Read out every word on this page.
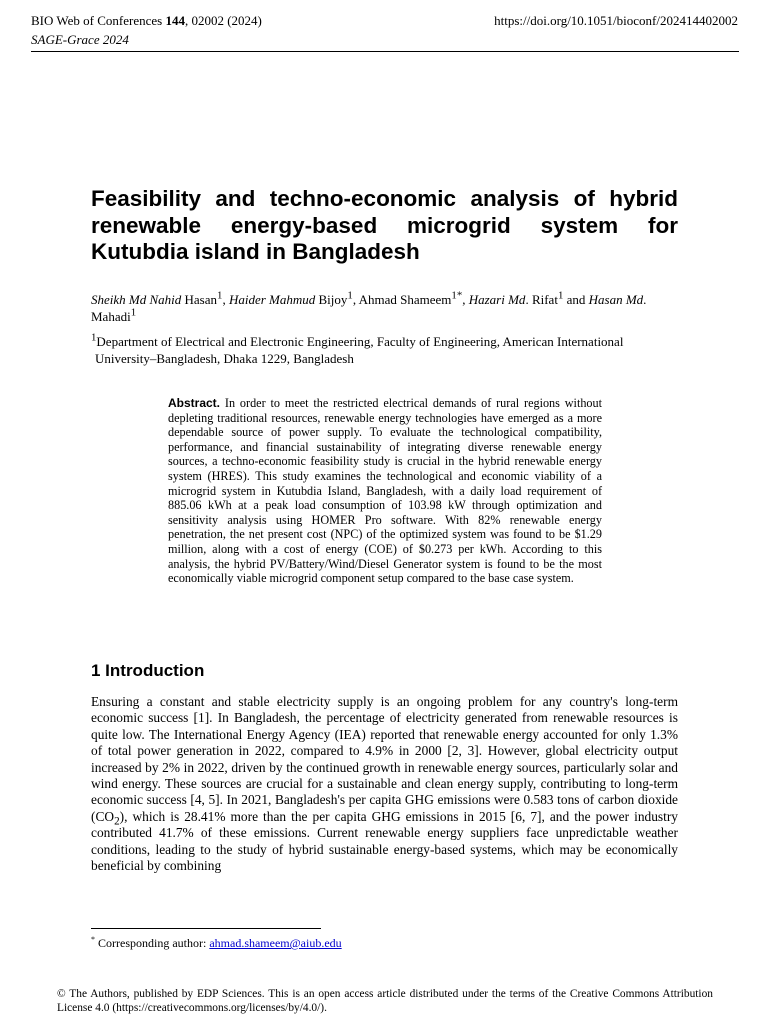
BIO Web of Conferences 144, 02002 (2024)
SAGE-Grace 2024
https://doi.org/10.1051/bioconf/202414402002
Feasibility and techno-economic analysis of hybrid renewable energy-based microgrid system for Kutubdia island in Bangladesh
Sheikh Md Nahid Hasan$^1$, Haider Mahmud Bijoy$^1$, Ahmad Shameem$^{1*}$, Hazari Md. Rifat$^1$ and Hasan Md. Mahadi$^1$
$^1$Department of Electrical and Electronic Engineering, Faculty of Engineering, American International
University–Bangladesh, Dhaka 1229, Bangladesh
Abstract. In order to meet the restricted electrical demands of rural regions without depleting traditional resources, renewable energy technologies have emerged as a more dependable source of power supply. To evaluate the technological compatibility, performance, and financial sustainability of integrating diverse renewable energy sources, a techno-economic feasibility study is crucial in the hybrid renewable energy system (HRES). This study examines the technological and economic viability of a microgrid system in Kutubdia Island, Bangladesh, with a daily load requirement of 885.06 kWh at a peak load consumption of 103.98 kW through optimization and sensitivity analysis using HOMER Pro software. With 82% renewable energy penetration, the net present cost (NPC) of the optimized system was found to be $1.29 million, along with a cost of energy (COE) of $0.273 per kWh. According to this analysis, the hybrid PV/Battery/Wind/Diesel Generator system is found to be the most economically viable microgrid component setup compared to the base case system.
1 Introduction
Ensuring a constant and stable electricity supply is an ongoing problem for any country's long-term economic success [1]. In Bangladesh, the percentage of electricity generated from renewable resources is quite low. The International Energy Agency (IEA) reported that renewable energy accounted for only 1.3% of total power generation in 2022, compared to 4.9% in 2000 [2, 3]. However, global electricity output increased by 2% in 2022, driven by the continued growth in renewable energy sources, particularly solar and wind energy. These sources are crucial for a sustainable and clean energy supply, contributing to long-term economic success [4, 5]. In 2021, Bangladesh's per capita GHG emissions were 0.583 tons of carbon dioxide $(CO_2)$, which is 28.41% more than the per capita GHG emissions in 2015 [6, 7], and the power industry contributed 41.7% of these emissions. Current renewable energy suppliers face unpredictable weather conditions, leading to the study of hybrid sustainable energy-based systems, which may be economically beneficial by combining
* Corresponding author: ahmad.shameem@aiub.edu
© The Authors, published by EDP Sciences. This is an open access article distributed under the terms of the Creative Commons Attribution License 4.0 (https://creativecommons.org/licenses/by/4.0/).
